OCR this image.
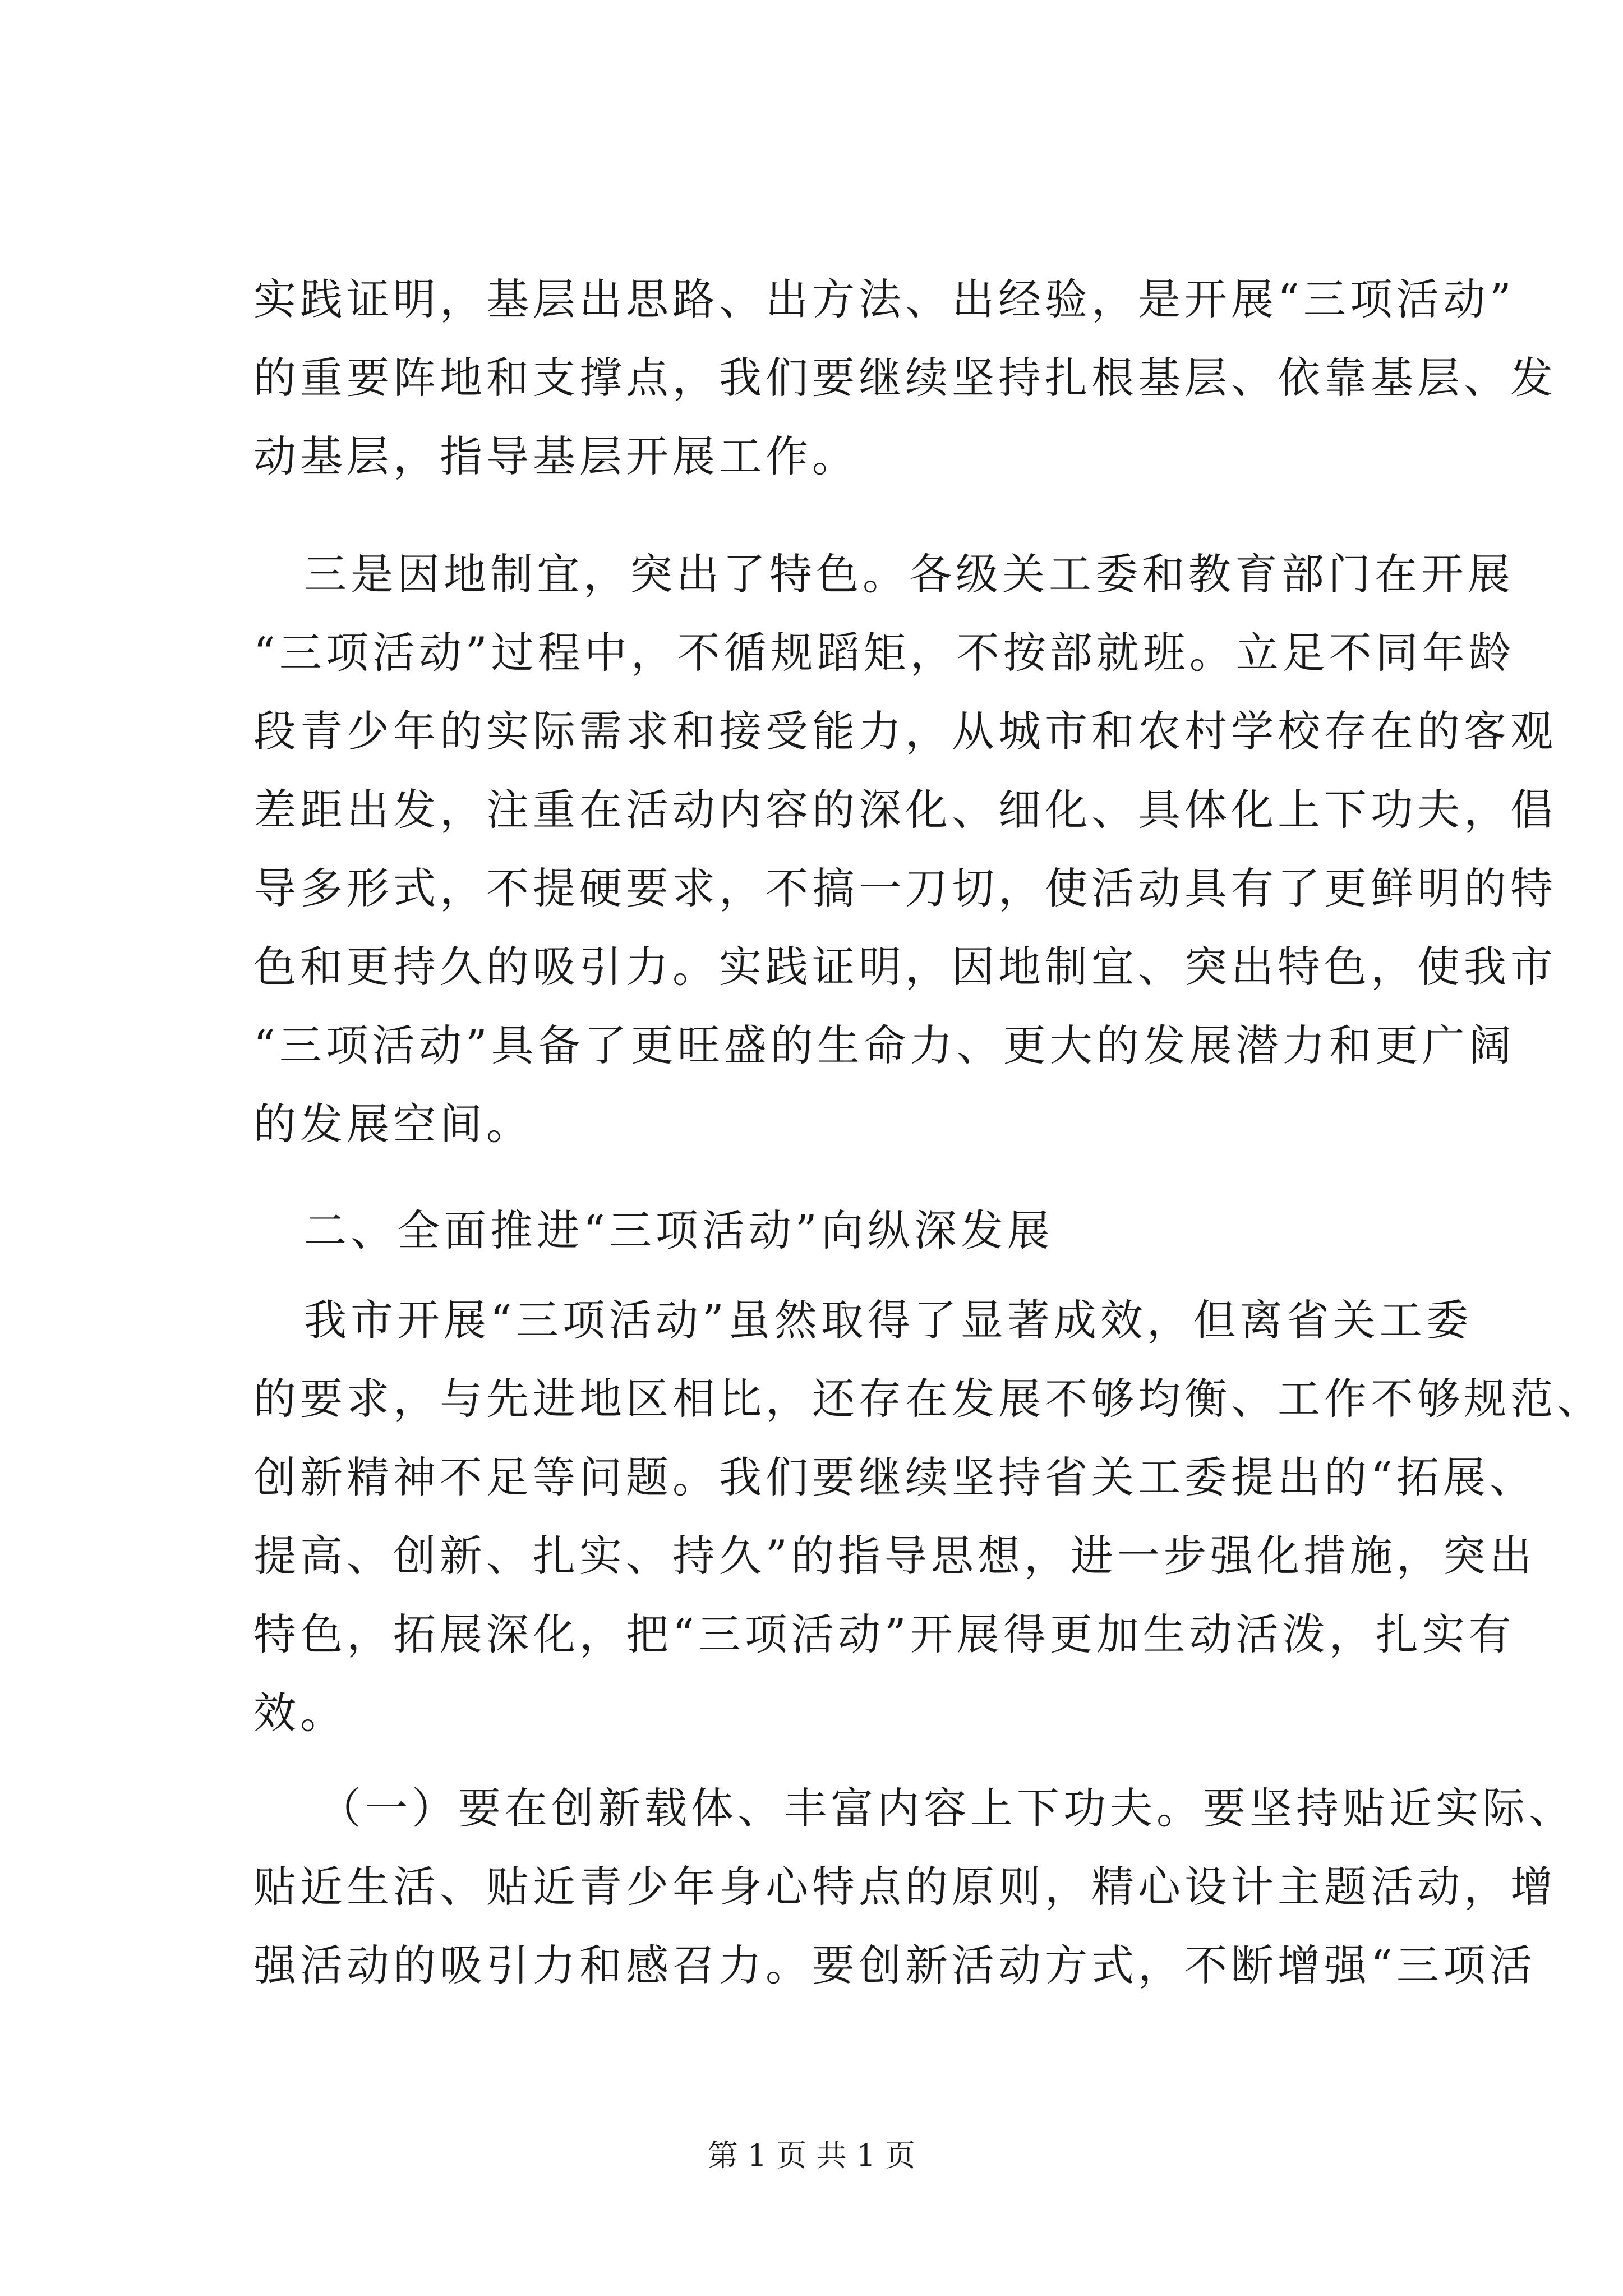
实践证明，基层出思路、出方法、出经验，是开展“三项活动”
的重要阵地和支撑点，我们要继续坚持扎根基层、依靠基层、发
动基层，指导基层开展工作。
三是因地制宜，突出了特色。各级关工委和教育部门在开展
“三项活动”过程中，不循规蹈矩，不按部就班。立足不同年龄
段青少年的实际需求和接受能力，从城市和农村学校存在的客观
差距出发，注重在活动内容的深化、细化、具体化上下功夫，倡
导多形式，不提硬要求，不搞一刀切，使活动具有了更鲜明的特
色和更持久的吸引力。实践证明，因地制宜、突出特色，使我市
“三项活动”具备了更旺盛的生命力、更大的发展潜力和更广阔
的发展空间。
二、全面推进“三项活动”向纵深发展
我市开展“三项活动”虽然取得了显著成效，但离省关工委
的要求，与先进地区相比，还存在发展不够均衡、工作不够规范、
创新精神不足等问题。我们要继续坚持省关工委提出的“拓展、
提高、创新、扎实、持久”的指导思想，进一步强化措施，突出
特色，拓展深化，把“三项活动”开展得更加生动活泼，扎实有
效。
（一）要在创新载体、丰富内容上下功夫。要坚持贴近实际、
贴近生活、贴近青少年身心特点的原则，精心设计主题活动，增
强活动的吸引力和感召力。要创新活动方式，不断增强“三项活
第 1 页 共 1 页
